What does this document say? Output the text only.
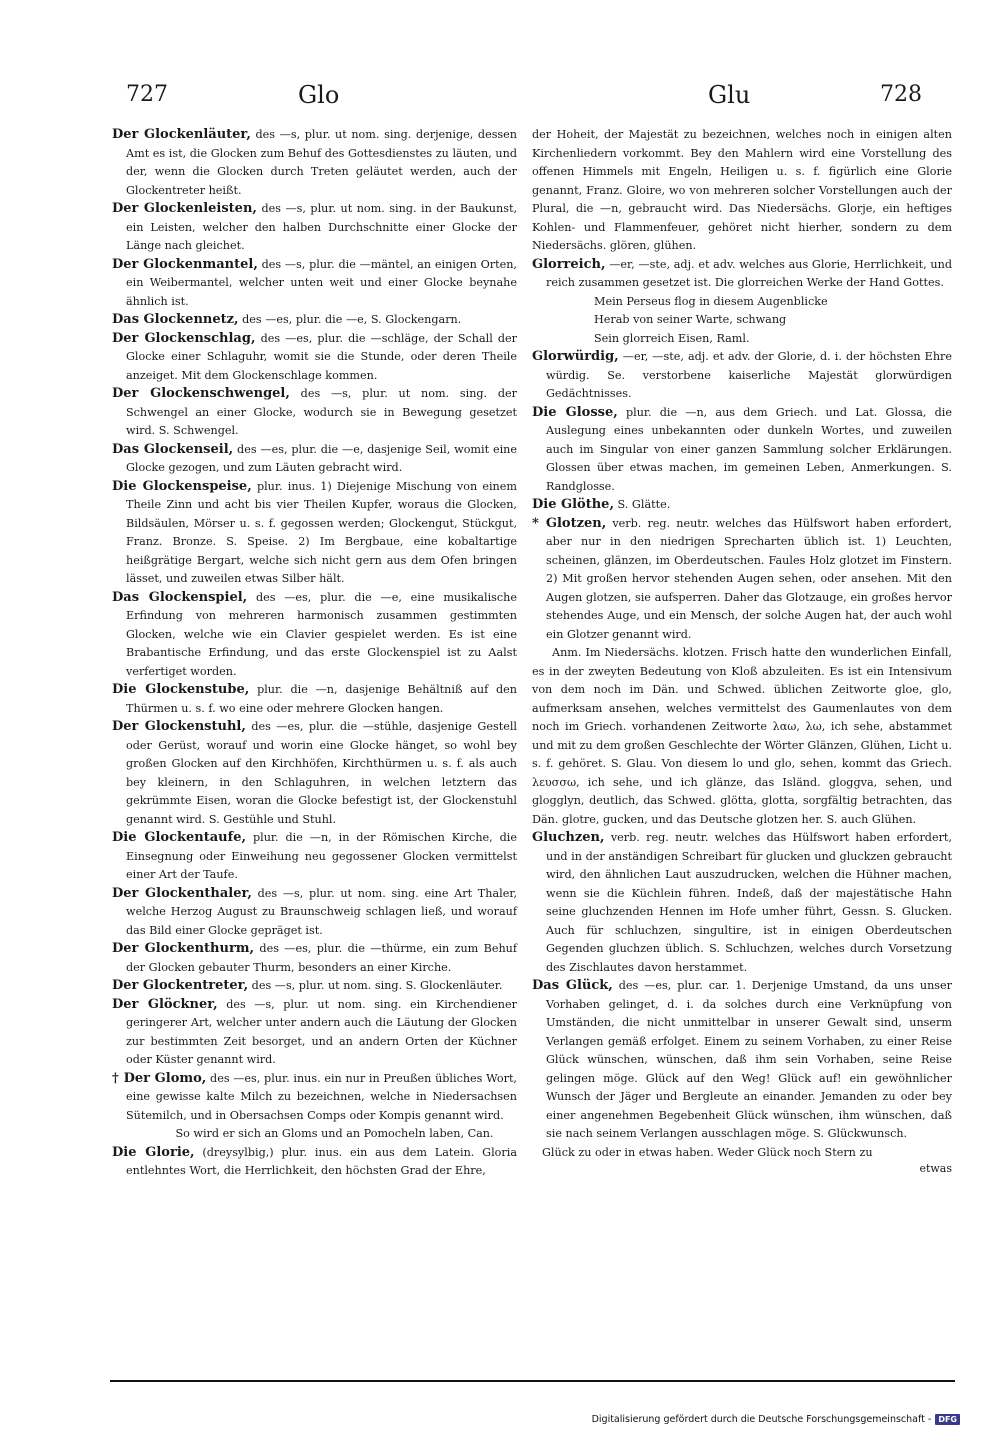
727	Glo	Glu	728

Der Glockenläuter, des —s, plur. ut nom. sing. derjenige, dessen Amt es ist, die Glocken zum Behuf des Gottesdienstes zu läuten, und der, wenn die Glocken durch Treten geläutet werden, auch der Glockentreter heißt.

Der Glockenleisten, des —s, plur. ut nom. sing. in der Baukunst, ein Leisten, welcher den halben Durchschnitte einer Glocke der Länge nach gleichet.

Der Glockenmantel, des —s, plur. die —mäntel, an einigen Orten, ein Weibermantel, welcher unten weit und einer Glocke beynahe ähnlich ist.

Das Glockennetz, des —es, plur. die —e, S. Glockengarn.

Der Glockenschlag, des —es, plur. die —schläge, der Schall der Glocke einer Schlaguhr, womit sie die Stunde, oder deren Theile anzeiget. Mit dem Glockenschlage kommen.

Der Glockenschwengel, des —s, plur. ut nom. sing. der Schwengel an einer Glocke, wodurch sie in Bewegung gesetzet wird. S. Schwengel.

Das Glockenseil, des —es, plur. die —e, dasjenige Seil, womit eine Glocke gezogen, und zum Läuten gebracht wird.

Die Glockenspeise, plur. inus. 1) Diejenige Mischung von einem Theile Zinn und acht bis vier Theilen Kupfer, woraus die Glocken, Bildsäulen, Mörser u. s. f. gegossen werden; Glockengut, Stückgut, Franz. Bronze. S. Speise. 2) Im Bergbaue, eine kobaltartige heißgrätige Bergart, welche sich nicht gern aus dem Ofen bringen lässet, und zuweilen etwas Silber hält.

Das Glockenspiel, des —es, plur. die —e, eine musikalische Erfindung von mehreren harmonisch zusammen gestimmten Glocken, welche wie ein Clavier gespielet werden. Es ist eine Brabantische Erfindung, und das erste Glockenspiel ist zu Aalst verfertiget worden.

Die Glockenstube, plur. die —n, dasjenige Behältniß auf den Thürmen u. s. f. wo eine oder mehrere Glocken hangen.

Der Glockenstuhl, des —es, plur. die —stühle, dasjenige Gestell oder Gerüst, worauf und worin eine Glocke hänget, so wohl bey großen Glocken auf den Kirchhöfen, Kirchthürmen u. s. f. als auch bey kleinern, in den Schlaguhren, in welchen letztern das gekrümmte Eisen, woran die Glocke befestigt ist, der Glockenstuhl genannt wird. S. Gestühle und Stuhl.

Die Glockentaufe, plur. die —n, in der Römischen Kirche, die Einsegnung oder Einweihung neu gegossener Glocken vermittelst einer Art der Taufe.

Der Glockenthaler, des —s, plur. ut nom. sing. eine Art Thaler, welche Herzog August zu Braunschweig schlagen ließ, und worauf das Bild einer Glocke gepräget ist.

Der Glockenthurm, des —es, plur. die —thürme, ein zum Behuf der Glocken gebauter Thurm, besonders an einer Kirche.

Der Glockentreter, des —s, plur. ut nom. sing. S. Glockenläuter.

Der Glöckner, des —s, plur. ut nom. sing. ein Kirchendiener geringerer Art, welcher unter andern auch die Läutung der Glocken zur bestimmten Zeit besorget, und an andern Orten der Küchner oder Küster genannt wird.

† Der Glomo, des —es, plur. inus. ein nur in Preußen übliches Wort, eine gewisse kalte Milch zu bezeichnen, welche in Niedersachsen Sütemilch, und in Obersachsen Comps oder Kompis genannt wird.

So wird er sich an Gloms und an Pomocheln laben, Can.

Die Glorie, (dreysylbig,) plur. inus. ein aus dem Latein. Gloria entlehntes Wort, die Herrlichkeit, den höchsten Grad der Ehre,

der Hoheit, der Majestät zu bezeichnen, welches noch in einigen alten Kirchenliedern vorkommt. Bey den Mahlern wird eine Vorstellung des offenen Himmels mit Engeln, Heiligen u. s. f. figürlich eine Glorie genannt, Franz. Gloire, wo von mehreren solcher Vorstellungen auch der Plural, die —n, gebraucht wird. Das Niedersächs. Glorje, ein heftiges Kohlen- und Flammenfeuer, gehöret nicht hierher, sondern zu dem Niedersächs. glören, glühen.

Glorreich, —er, —ste, adj. et adv. welches aus Glorie, Herrlichkeit, und reich zusammen gesetzet ist. Die glorreichen Werke der Hand Gottes.

Mein Perseus flog in diesem Augenblicke

Herab von seiner Warte, schwang

Sein glorreich Eisen, Raml.

Glorwürdig, —er, —ste, adj. et adv. der Glorie, d. i. der höchsten Ehre würdig. Se. verstorbene kaiserliche Majestät glorwürdigen Gedächtnisses.

Die Glosse, plur. die —n, aus dem Griech. und Lat. Glossa, die Auslegung eines unbekannten oder dunkeln Wortes, und zuweilen auch im Singular von einer ganzen Sammlung solcher Erklärungen. Glossen über etwas machen, im gemeinen Leben, Anmerkungen. S. Randglosse.

Die Glöthe, S. Glätte.

* Glotzen, verb. reg. neutr. welches das Hülfswort haben erfordert, aber nur in den niedrigen Sprecharten üblich ist. 1) Leuchten, scheinen, glänzen, im Oberdeutschen. Faules Holz glotzet im Finstern. 2) Mit großen hervor stehenden Augen sehen, oder ansehen. Mit den Augen glotzen, sie aufsperren. Daher das Glotzauge, ein großes hervor stehendes Auge, und ein Mensch, der solche Augen hat, der auch wohl ein Glotzer genannt wird.

Anm. Im Niedersächs. klotzen. Frisch hatte den wunderlichen Einfall, es in der zweyten Bedeutung von Kloß abzuleiten. Es ist ein Intensivum von dem noch im Dän. und Schwed. üblichen Zeitworte gloe, glo, aufmerksam ansehen, welches vermittelst des Gaumenlautes von dem noch im Griech. vorhandenen Zeitworte λαω, λω, ich sehe, abstammet und mit zu dem großen Geschlechte der Wörter Glänzen, Glühen, Licht u. s. f. gehöret. S. Glau. Von diesem lo und glo, sehen, kommt das Griech. λευσσω, ich sehe, und ich glänze, das Isländ. gloggva, sehen, und glogglyn, deutlich, das Schwed. glötta, glotta, sorgfältig betrachten, das Dän. glotre, gucken, und das Deutsche glotzen her. S. auch Glühen.

Gluchzen, verb. reg. neutr. welches das Hülfswort haben erfordert, und in der anständigen Schreibart für glucken und gluckzen gebraucht wird, den ähnlichen Laut auszudrucken, welchen die Hühner machen, wenn sie die Küchlein führen. Indeß, daß der majestätische Hahn seine gluchzenden Hennen im Hofe umher führt, Gessn. S. Glucken. Auch für schluchzen, singultire, ist in einigen Oberdeutschen Gegenden gluchzen üblich. S. Schluchzen, welches durch Vorsetzung des Zischlautes davon herstammet.

Das Glück, des —es, plur. car. 1. Derjenige Umstand, da uns unser Vorhaben gelinget, d. i. da solches durch eine Verknüpfung von Umständen, die nicht unmittelbar in unserer Gewalt sind, unserm Verlangen gemäß erfolget. Einem zu seinem Vorhaben, zu einer Reise Glück wünschen, wünschen, daß ihm sein Vorhaben, seine Reise gelingen möge. Glück auf den Weg! Glück auf! ein gewöhnlicher Wunsch der Jäger und Bergleute an einander. Jemanden zu oder bey einer angenehmen Begebenheit Glück wünschen, ihm wünschen, daß sie nach seinem Verlangen ausschlagen möge. S. Glückwunsch.

Glück zu oder in etwas haben. Weder Glück noch Stern zu

etwas

Digitalisierung gefördert durch die Deutsche Forschungsgemeinschaft - DFG
